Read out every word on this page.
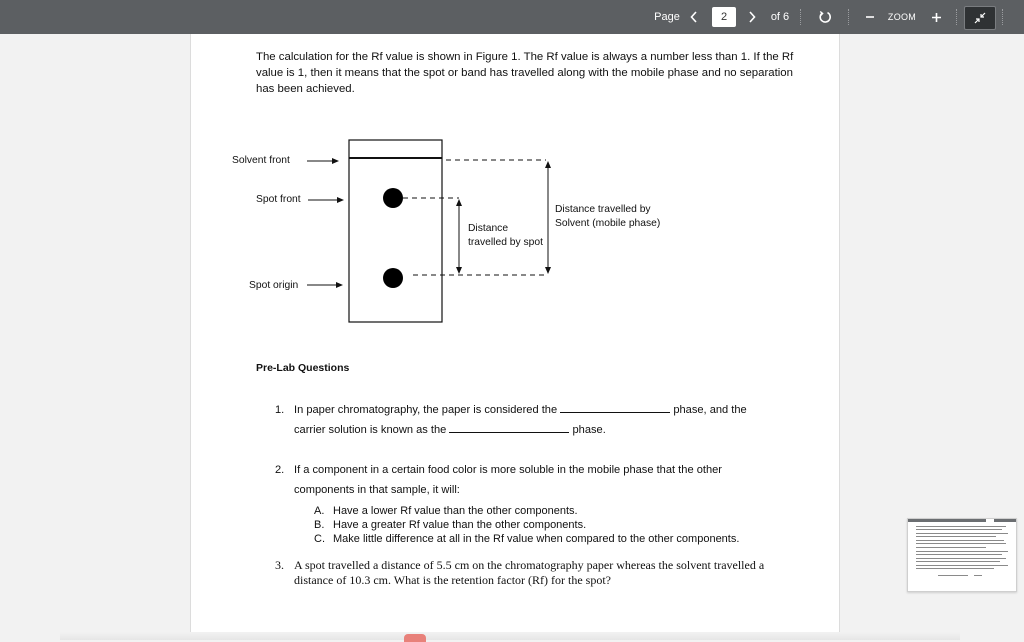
Page	2	of 6	ZOOM
The calculation for the Rf value is shown in Figure 1. The Rf value is always a number less than 1. If the Rf value is 1, then it means that the spot or band has travelled along with the mobile phase and no separation has been achieved.
Solvent front
Spot front
Spot origin
Distance
travelled by spot
Distance travelled by
Solvent (mobile phase)
Pre-Lab Questions
1. In paper chromatography, the paper is considered the	phase, and the
carrier solution is known as the	phase.
2. If a component in a certain food color is more soluble in the mobile phase that the other
components in that sample, it will:
A. Have a lower Rf value than the other components.
B. Have a greater Rf value than the other components.
C. Make little difference at all in the Rf value when compared to the other components.
3. A spot travelled a distance of 5.5 cm on the chromatography paper whereas the solvent travelled a
distance of 10.3 cm. What is the retention factor (Rf) for the spot?
